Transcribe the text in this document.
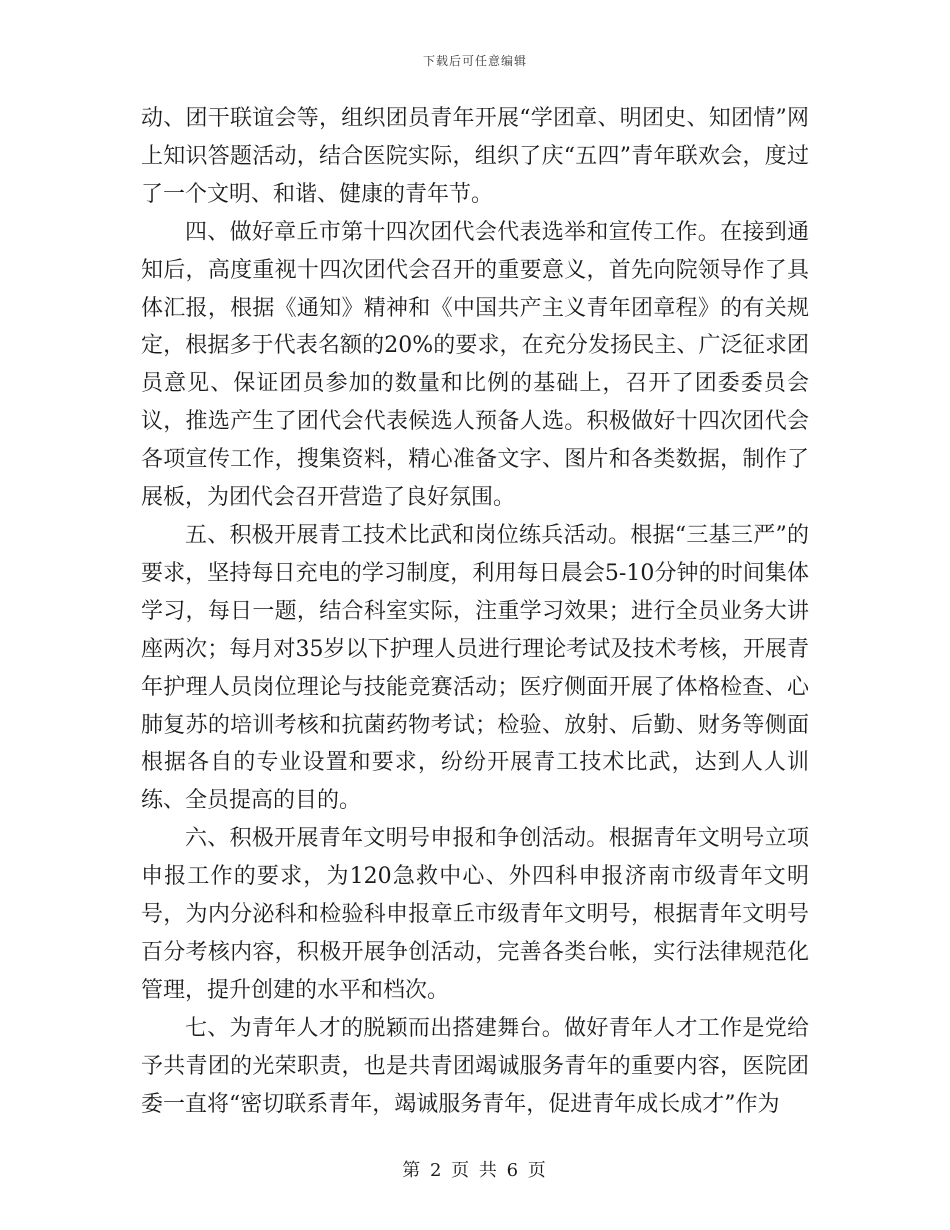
下载后可任意编辑

动、团干联谊会等，组织团员青年开展“学团章、明团史、知团情”网上知识答题活动，结合医院实际，组织了庆“五四”青年联欢会，度过了一个文明、和谐、健康的青年节。

四、做好章丘市第十四次团代会代表选举和宣传工作。在接到通知后，高度重视十四次团代会召开的重要意义，首先向院领导作了具体汇报，根据《通知》精神和《中国共产主义青年团章程》的有关规定，根据多于代表名额的20%的要求，在充分发扬民主、广泛征求团员意见、保证团员参加的数量和比例的基础上，召开了团委委员会议，推选产生了团代会代表候选人预备人选。积极做好十四次团代会各项宣传工作，搜集资料，精心准备文字、图片和各类数据，制作了展板，为团代会召开营造了良好氛围。

五、积极开展青工技术比武和岗位练兵活动。根据“三基三严”的要求，坚持每日充电的学习制度，利用每日晨会5-10分钟的时间集体学习，每日一题，结合科室实际，注重学习效果；进行全员业务大讲座两次；每月对35岁以下护理人员进行理论考试及技术考核，开展青年护理人员岗位理论与技能竞赛活动；医疗侧面开展了体格检查、心肺复苏的培训考核和抗菌药物考试；检验、放射、后勤、财务等侧面根据各自的专业设置和要求，纷纷开展青工技术比武，达到人人训练、全员提高的目的。

六、积极开展青年文明号申报和争创活动。根据青年文明号立项申报工作的要求，为120急救中心、外四科申报济南市级青年文明号，为内分泌科和检验科申报章丘市级青年文明号，根据青年文明号百分考核内容，积极开展争创活动，完善各类台帐，实行法律规范化管理，提升创建的水平和档次。

七、为青年人才的脱颖而出搭建舞台。做好青年人才工作是党给予共青团的光荣职责，也是共青团竭诚服务青年的重要内容，医院团委一直将“密切联系青年，竭诚服务青年，促进青年成长成才”作为

第 2 页 共 6 页
